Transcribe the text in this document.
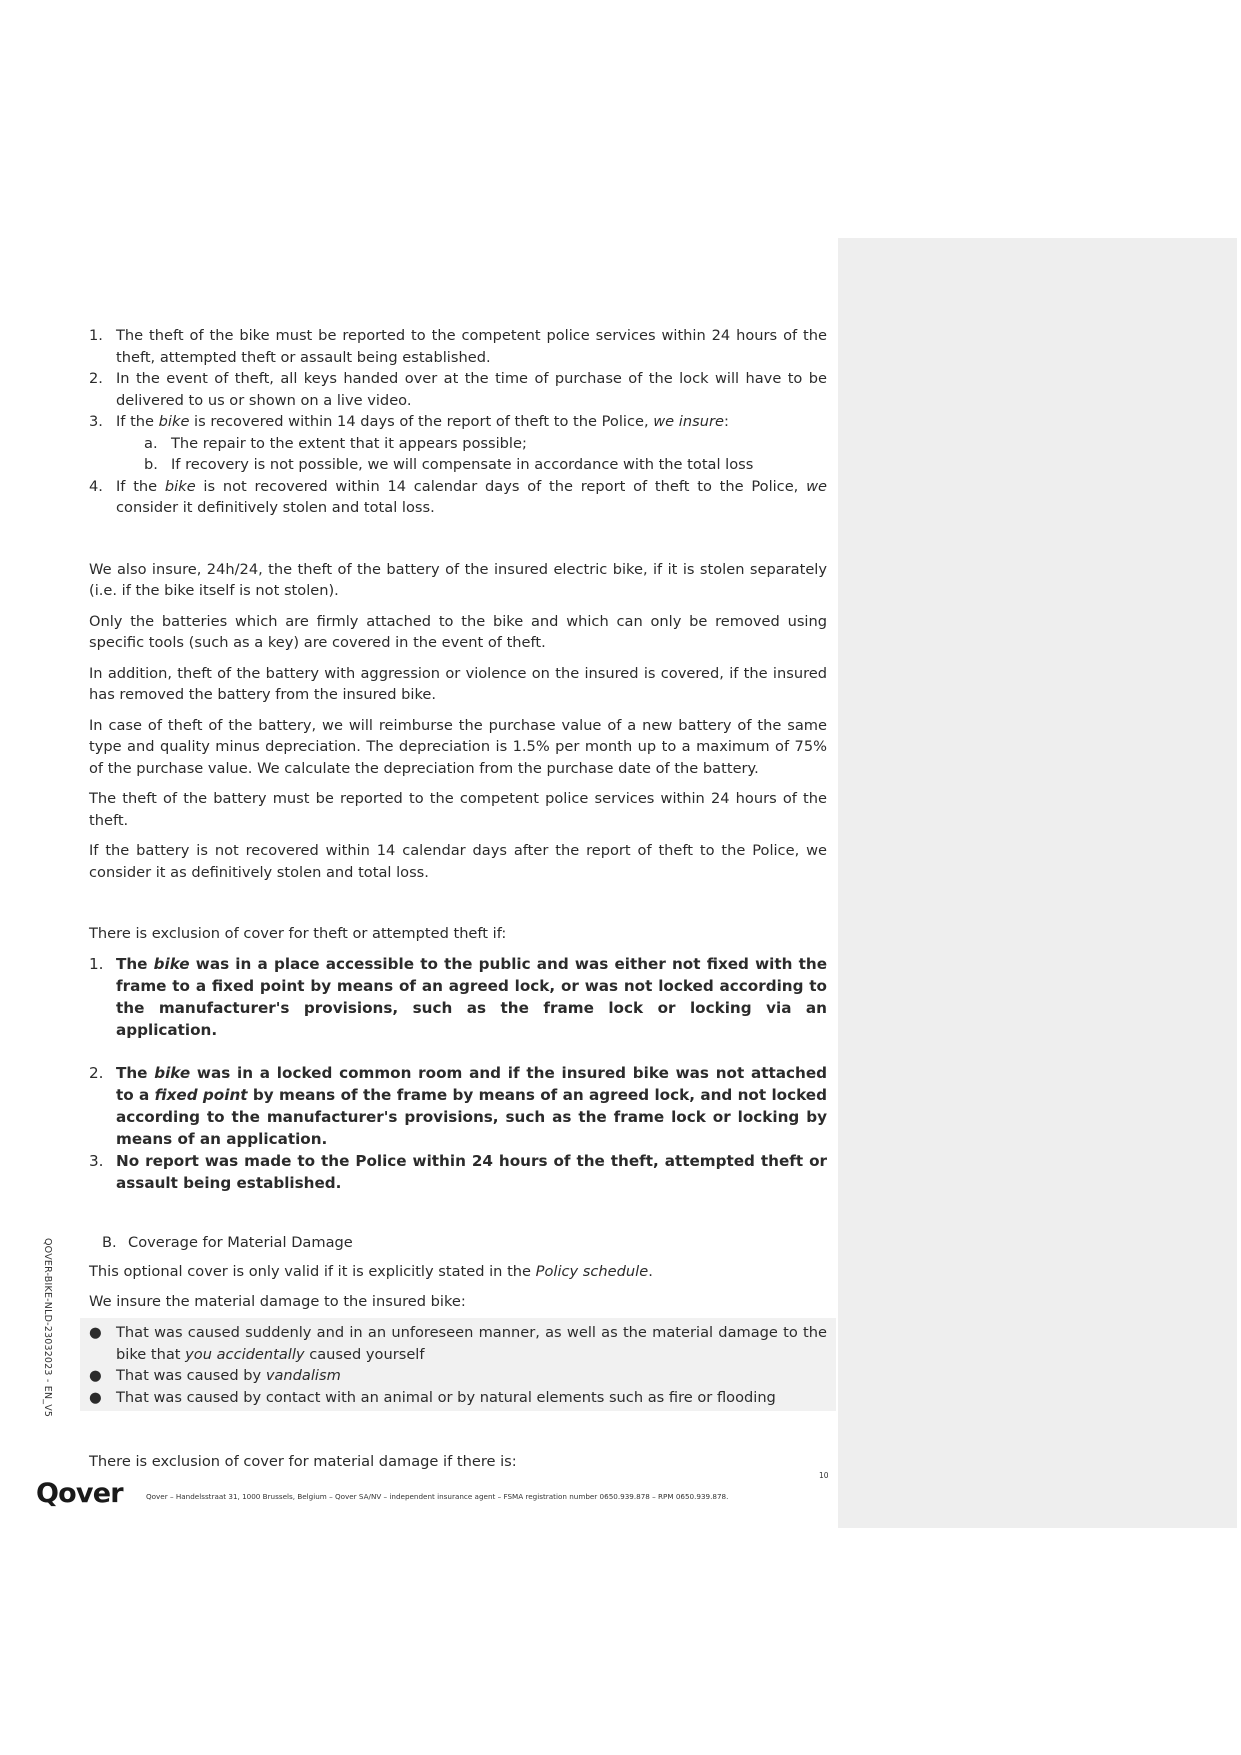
1. The theft of the bike must be reported to the competent police services within 24 hours of the theft, attempted theft or assault being established.
2. In the event of theft, all keys handed over at the time of purchase of the lock will have to be delivered to us or shown on a live video.
3. If the bike is recovered within 14 days of the report of theft to the Police, we insure:
a. The repair to the extent that it appears possible;
b. If recovery is not possible, we will compensate in accordance with the total loss
4. If the bike is not recovered within 14 calendar days of the report of theft to the Police, we consider it definitively stolen and total loss.

We also insure, 24h/24, the theft of the battery of the insured electric bike, if it is stolen separately (i.e. if the bike itself is not stolen).

Only the batteries which are firmly attached to the bike and which can only be removed using specific tools (such as a key) are covered in the event of theft.

In addition, theft of the battery with aggression or violence on the insured is covered, if the insured has removed the battery from the insured bike.

In case of theft of the battery, we will reimburse the purchase value of a new battery of the same type and quality minus depreciation. The depreciation is 1.5% per month up to a maximum of 75% of the purchase value. We calculate the depreciation from the purchase date of the battery.

The theft of the battery must be reported to the competent police services within 24 hours of the theft.

If the battery is not recovered within 14 calendar days after the report of theft to the Police, we consider it as definitively stolen and total loss.

There is exclusion of cover for theft or attempted theft if:

1. The bike was in a place accessible to the public and was either not fixed with the frame to a fixed point by means of an agreed lock, or was not locked according to the manufacturer's provisions, such as the frame lock or locking via an application.
2. The bike was in a locked common room and if the insured bike was not attached to a fixed point by means of the frame by means of an agreed lock, and not locked according to the manufacturer's provisions, such as the frame lock or locking by means of an application.
3. No report was made to the Police within 24 hours of the theft, attempted theft or assault being established.
B. Coverage for Material Damage

This optional cover is only valid if it is explicitly stated in the Policy schedule.

We insure the material damage to the insured bike:

● That was caused suddenly and in an unforeseen manner, as well as the material damage to the bike that you accidentally caused yourself
● That was caused by vandalism
● That was caused by contact with an animal or by natural elements such as fire or flooding

There is exclusion of cover for material damage if there is:

QOVER-BIKE-NLD-23032023 - EN_V5
10
Qover	Qover – Handelsstraat 31, 1000 Brussels, Belgium – Qover SA/NV – independent insurance agent – FSMA registration number 0650.939.878 – RPM 0650.939.878.
